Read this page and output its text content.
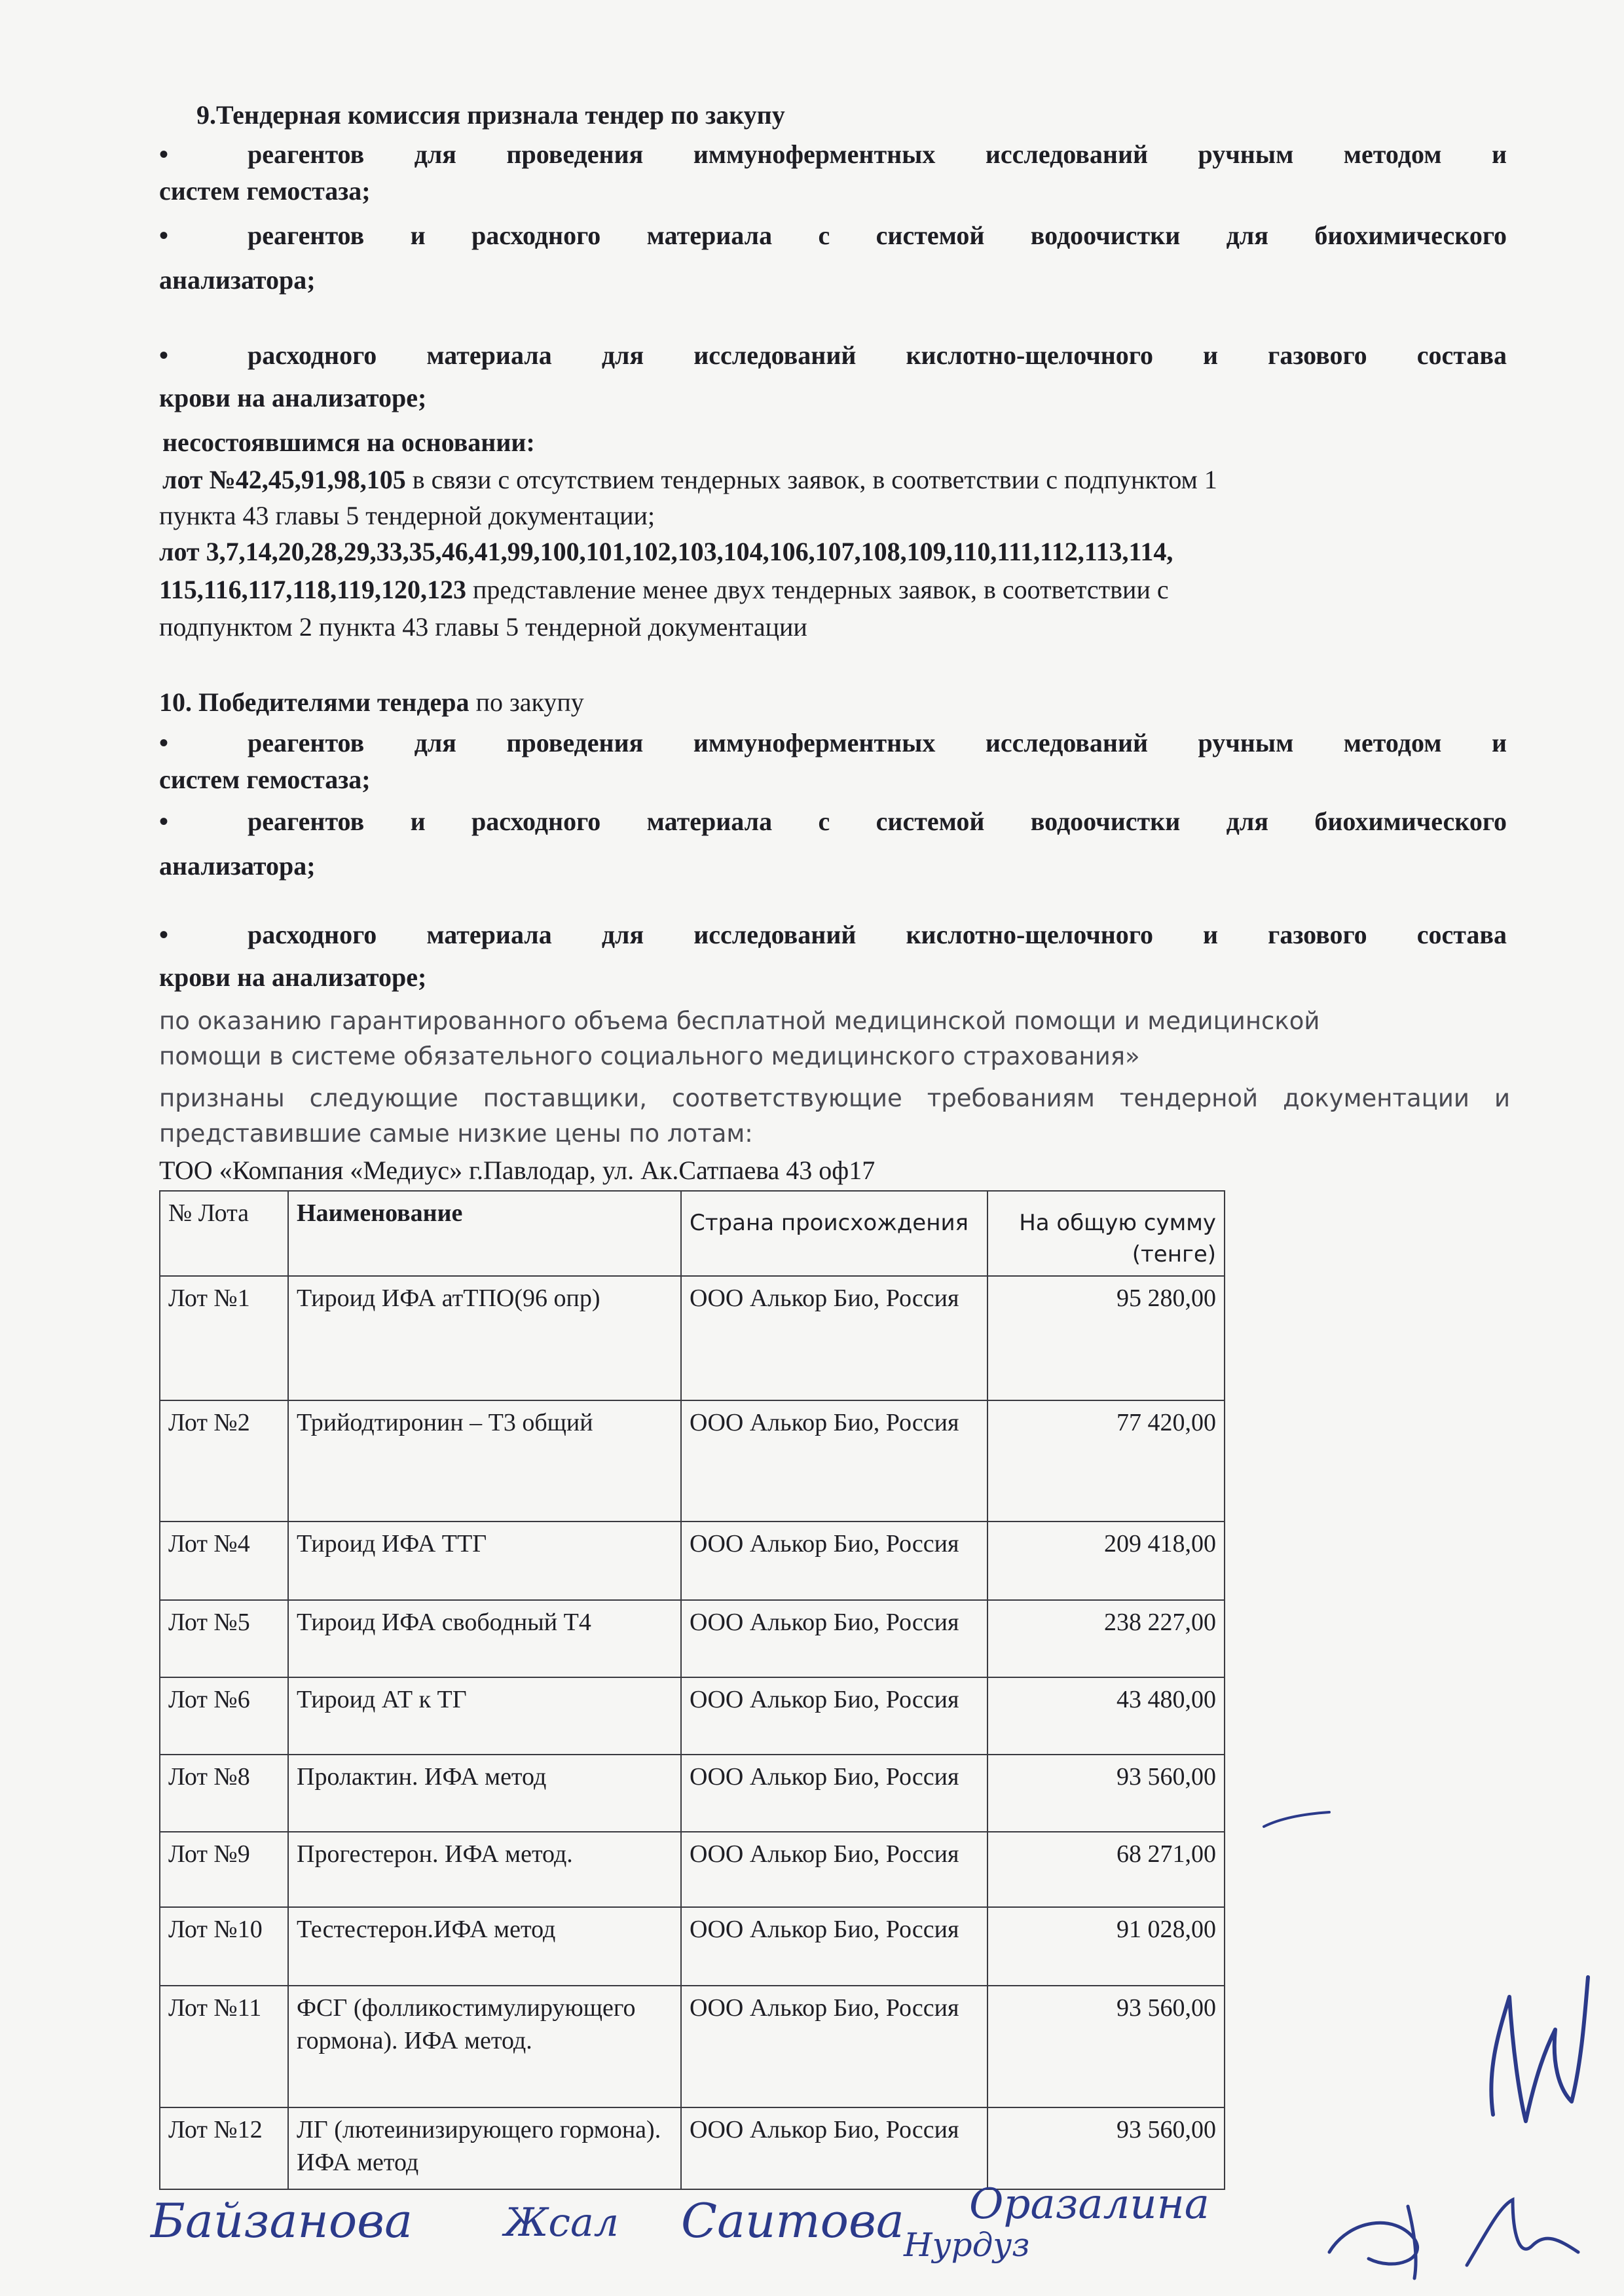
9.Тендерная комиссия признала тендер по закупу
•	реагентов для проведения иммуноферментных исследований ручным методом и
систем гемостаза;
•	реагентов и расходного материала с системой водоочистки для биохимического
анализатора;
•	расходного материала для исследований кислотно-щелочного и газового состава
крови на анализаторе;
несостоявшимся на основании:
лот №42,45,91,98,105 в связи с отсутствием тендерных заявок, в соответствии с подпунктом 1
пункта 43 главы 5 тендерной документации;
лот 3,7,14,20,28,29,33,35,46,41,99,100,101,102,103,104,106,107,108,109,110,111,112,113,114,
115,116,117,118,119,120,123 представление менее двух тендерных заявок, в соответствии с
подпунктом 2 пункта 43 главы 5 тендерной документации
10. Победителями тендера по закупу
•	реагентов для проведения иммуноферментных исследований ручным методом и
систем гемостаза;
•	реагентов и расходного материала с системой водоочистки для биохимического
анализатора;
•	расходного материала для исследований кислотно-щелочного и газового состава
крови на анализаторе;
по оказанию гарантированного объема бесплатной медицинской помощи и медицинской
помощи в системе обязательного социального медицинского страхования»
признаны следующие поставщики, соответствующие требованиям тендерной документации и
представившие самые низкие цены по лотам:
ТОО «Компания «Медиус» г.Павлодар, ул. Ак.Сатпаева 43 оф17
№ Лота	Наименование	Страна происхождения	На общую сумму (тенге)
Лот №1	Тироид ИФА атТПО(96 опр)	ООО Алькор Био, Россия	95 280,00
Лот №2	Трийодтиронин – Т3 общий	ООО Алькор Био, Россия	77 420,00
Лот №4	Тироид ИФА ТТГ	ООО Алькор Био, Россия	209 418,00
Лот №5	Тироид ИФА свободный Т4	ООО Алькор Био, Россия	238 227,00
Лот №6	Тироид АТ к ТГ	ООО Алькор Био, Россия	43 480,00
Лот №8	Пролактин. ИФА метод	ООО Алькор Био, Россия	93 560,00
Лот №9	Прогестерон. ИФА метод.	ООО Алькор Био, Россия	68 271,00
Лот №10	Тестестерон.ИФА метод	ООО Алькор Био, Россия	91 028,00
Лот №11	ФСГ (фолликостимулирующего гормона). ИФА метод.	ООО Алькор Био, Россия	93 560,00
Лот №12	ЛГ (лютеинизирующего гормона). ИФА метод	ООО Алькор Био, Россия	93 560,00
Байзанова Жсал Саитова Нурдуз
Оразалина
